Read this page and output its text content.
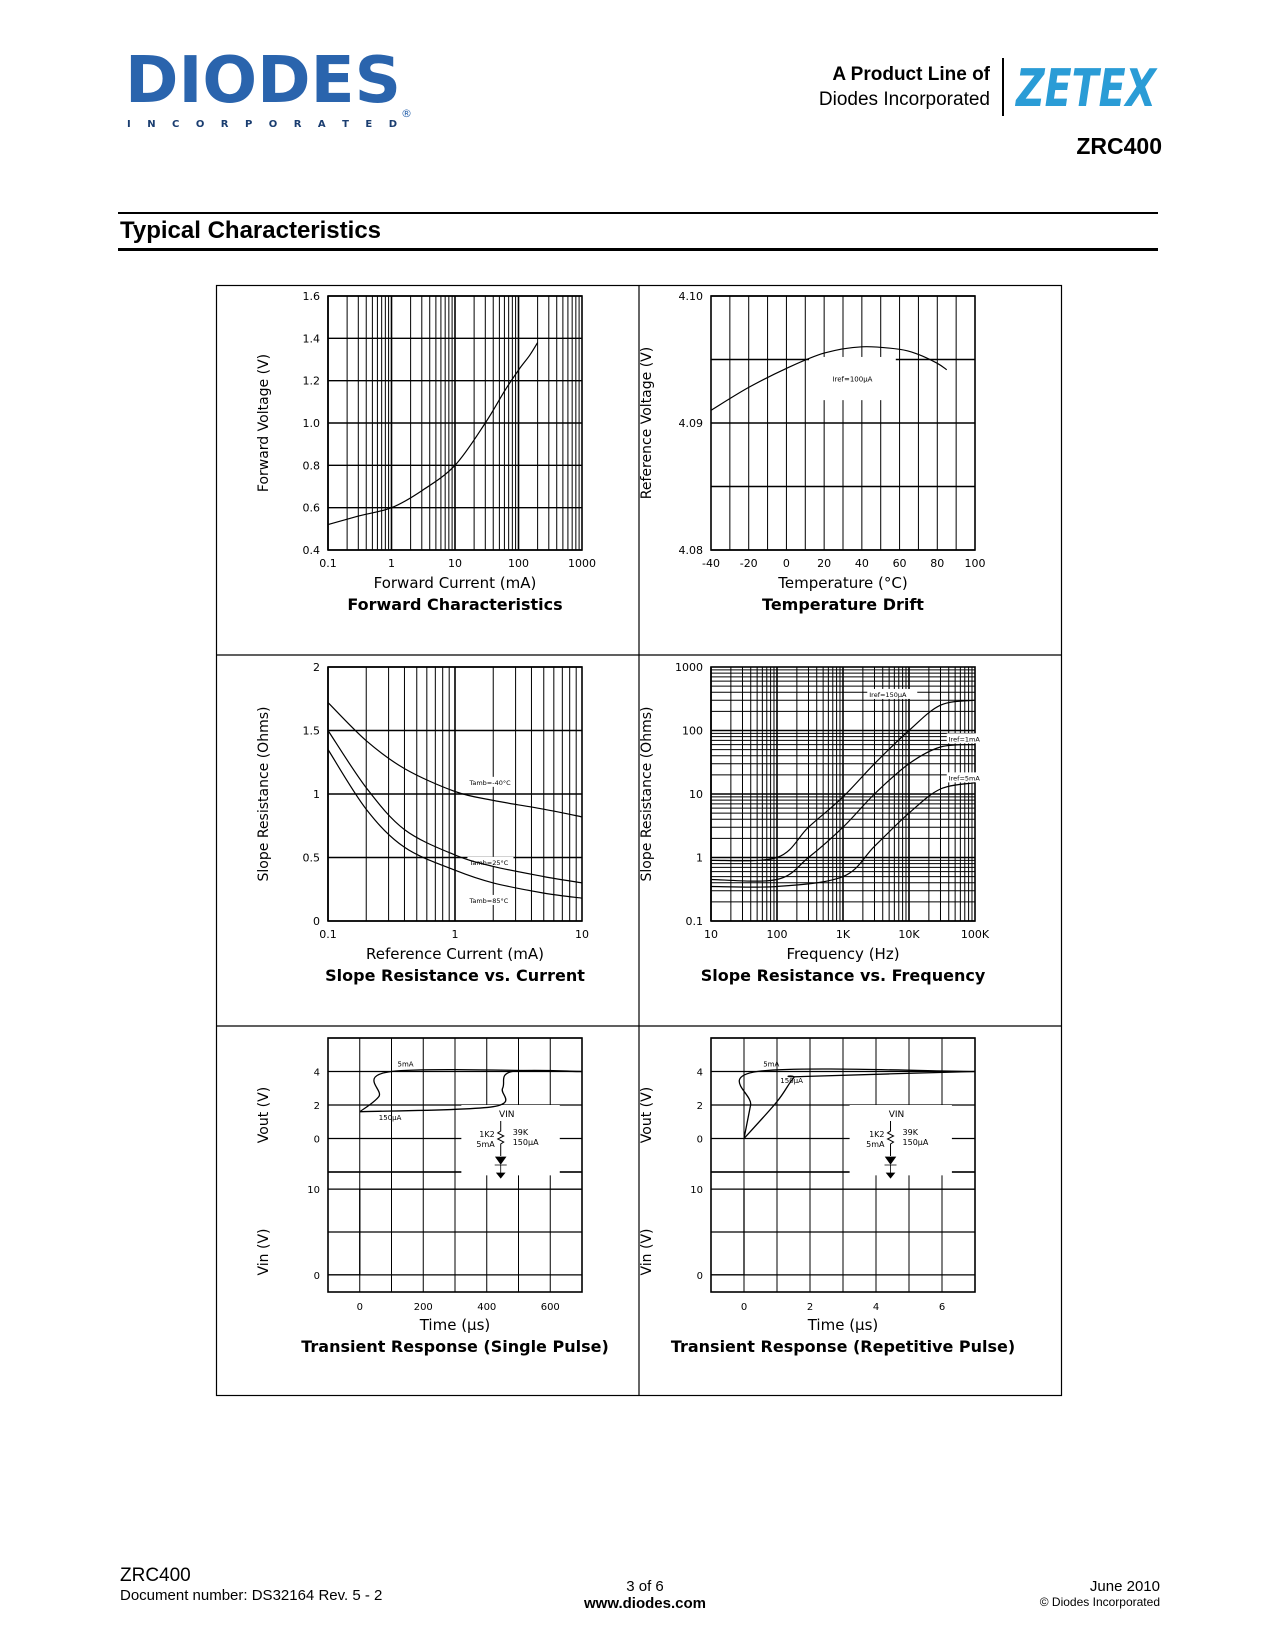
DIODES
I N C O R P O R A T E D
®
A Product Line of
Diodes Incorporated ZETEX
ZRC400
Typical Characteristics
0.1	1	10	100	1000
0.4
0.6
0.8
1.0
1.2
1.4
1.6
Forward Current (mA)
Forward Characteristics
Forward Voltage (V)	Iref=100µA
-40 -20 0 20 40 60 80 100
4.08
4.09
4.10
Temperature (°C)
Temperature Drift
Reference Voltage (V)
Tamb=-40°C
Tamb=25°C
Tamb=85°C
0.1	1	10
0
0.5
1
1.5
2
Reference Current (mA)
Slope Resistance vs. Current
Slope Resistance (Ohms)
Iref=150µA
Iref=1mA
Iref=5mA
10	100	1K	10K	100K
0.1
1
10
100
1000
Frequency (Hz)
Slope Resistance vs. Frequency
Slope Resistance (Ohms)
VIN
1K2
5mA
39K
150µA
5mA
150µA
0	200	400	600
0
2
4
0
10
Time (µs)
Transient Response (Single Pulse)
Vout (V)
Vin (V)
VIN
1K2
5mA
39K
150µA
5mA
150µA
0	2	4	6
0
2
4
0
10
Time (µs)
Transient Response (Repetitive Pulse)
Vout (V)
Vin (V)
ZRC400
Document number: DS32164 Rev. 5 - 2
3 of 6
www.diodes.com
June 2010
© Diodes Incorporated
